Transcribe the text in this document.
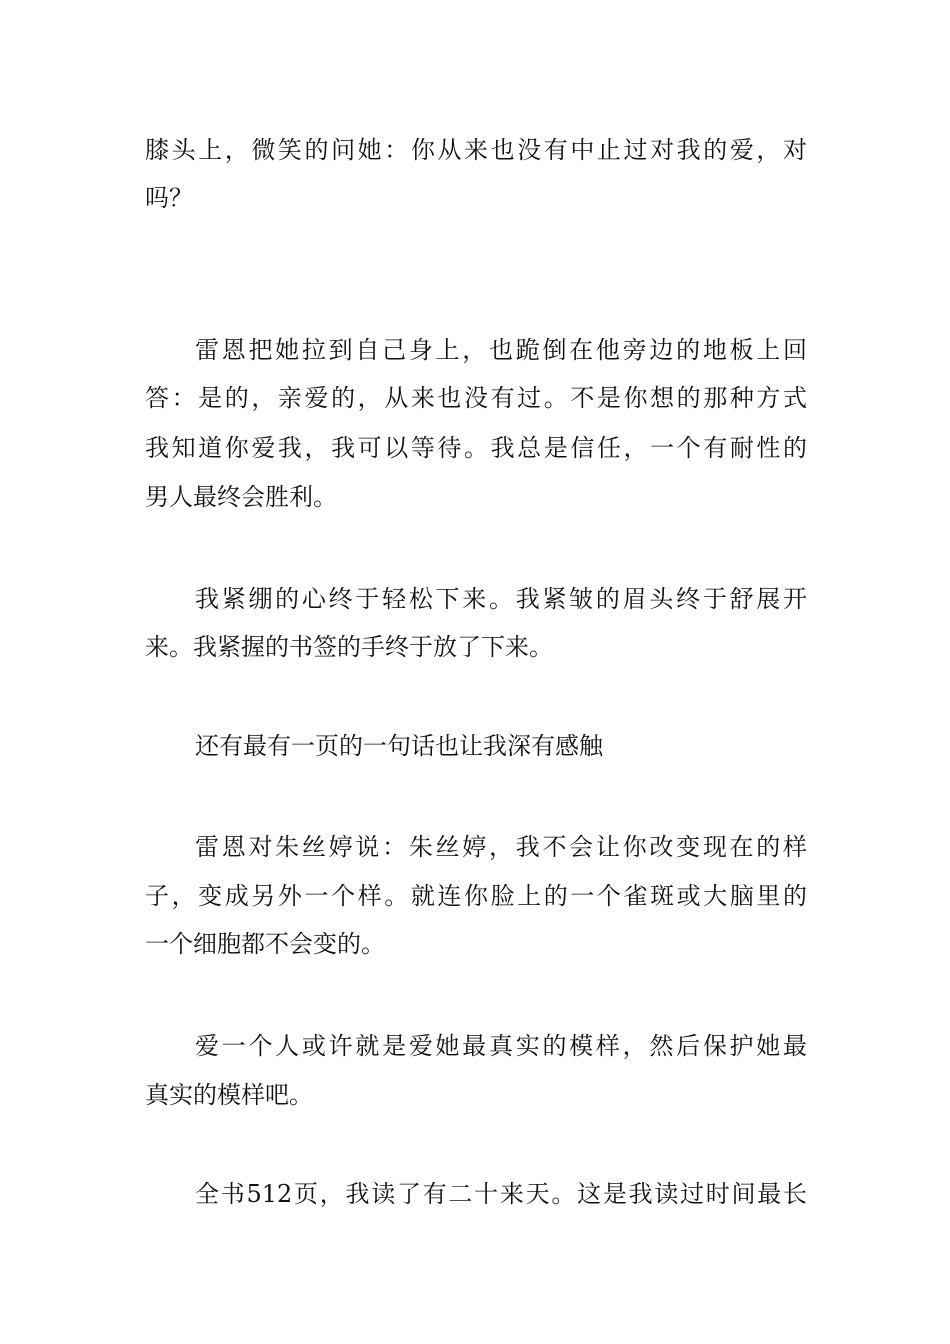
膝头上，微笑的问她：你从来也没有中止过对我的爱，对
吗？
雷恩把她拉到自己身上，也跪倒在他旁边的地板上回
答：是的，亲爱的，从来也没有过。不是你想的那种方式
我知道你爱我，我可以等待。我总是信任，一个有耐性的
男人最终会胜利。
我紧绷的心终于轻松下来。我紧皱的眉头终于舒展开
来。我紧握的书签的手终于放了下来。
还有最有一页的一句话也让我深有感触
雷恩对朱丝婷说：朱丝婷，我不会让你改变现在的样
子，变成另外一个样。就连你脸上的一个雀斑或大脑里的
一个细胞都不会变的。
爱一个人或许就是爱她最真实的模样，然后保护她最
真实的模样吧。
全书512页，我读了有二十来天。这是我读过时间最长
